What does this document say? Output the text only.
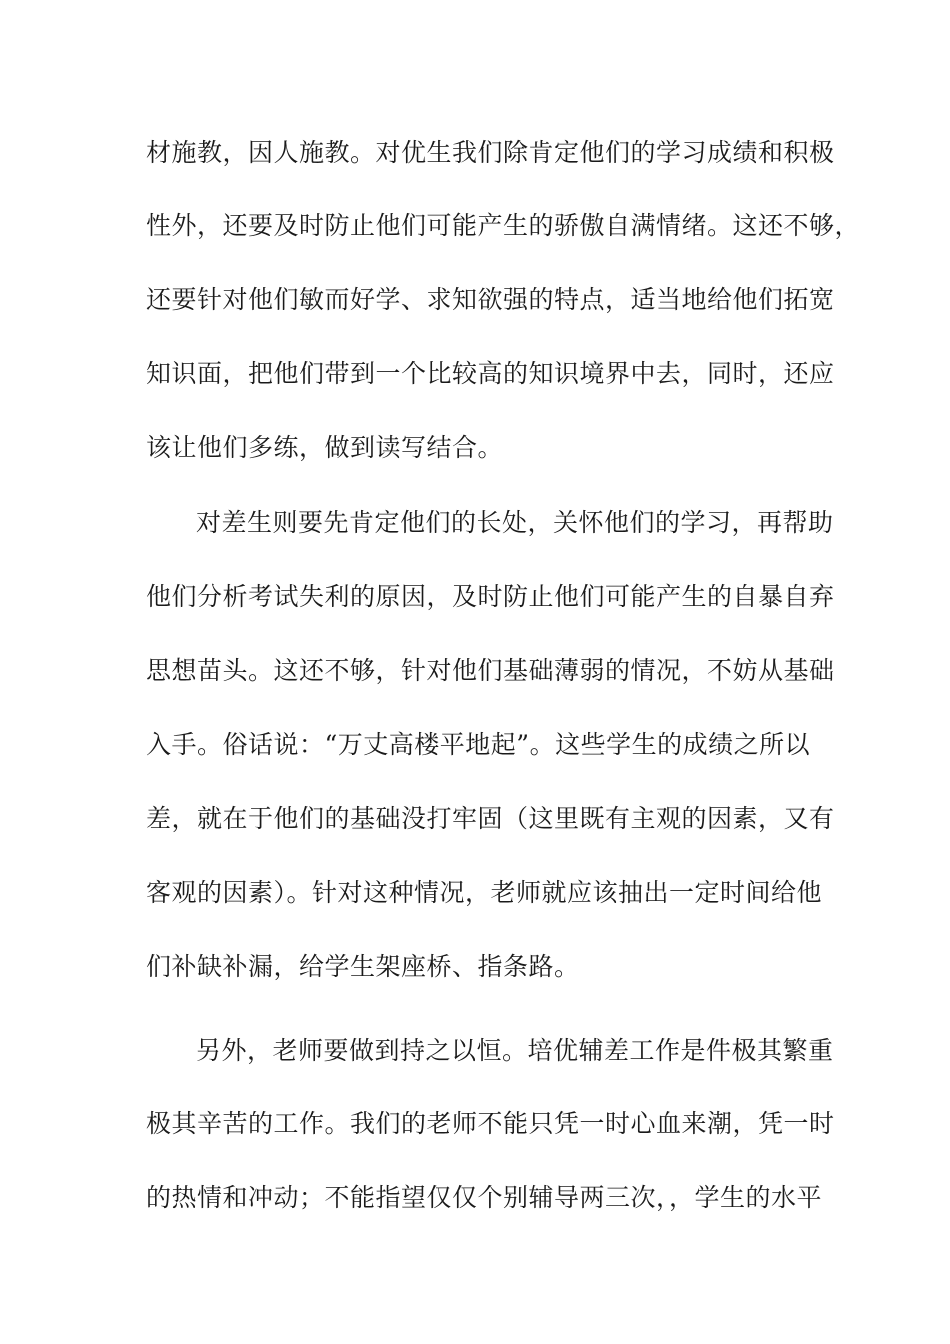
材施教，因人施教。对优生我们除肯定他们的学习成绩和积极
性外，还要及时防止他们可能产生的骄傲自满情绪。这还不够，
还要针对他们敏而好学、求知欲强的特点，适当地给他们拓宽
知识面，把他们带到一个比较高的知识境界中去，同时，还应
该让他们多练，做到读写结合。
对差生则要先肯定他们的长处，关怀他们的学习，再帮助
他们分析考试失利的原因，及时防止他们可能产生的自暴自弃
思想苗头。这还不够，针对他们基础薄弱的情况，不妨从基础
入手。俗话说：“万丈高楼平地起”。这些学生的成绩之所以
差，就在于他们的基础没打牢固（这里既有主观的因素，又有
客观的因素）。针对这种情况，老师就应该抽出一定时间给他
们补缺补漏，给学生架座桥、指条路。
另外，老师要做到持之以恒。培优辅差工作是件极其繁重
极其辛苦的工作。我们的老师不能只凭一时心血来潮，凭一时
的热情和冲动；不能指望仅仅个别辅导两三次，，学生的水平
